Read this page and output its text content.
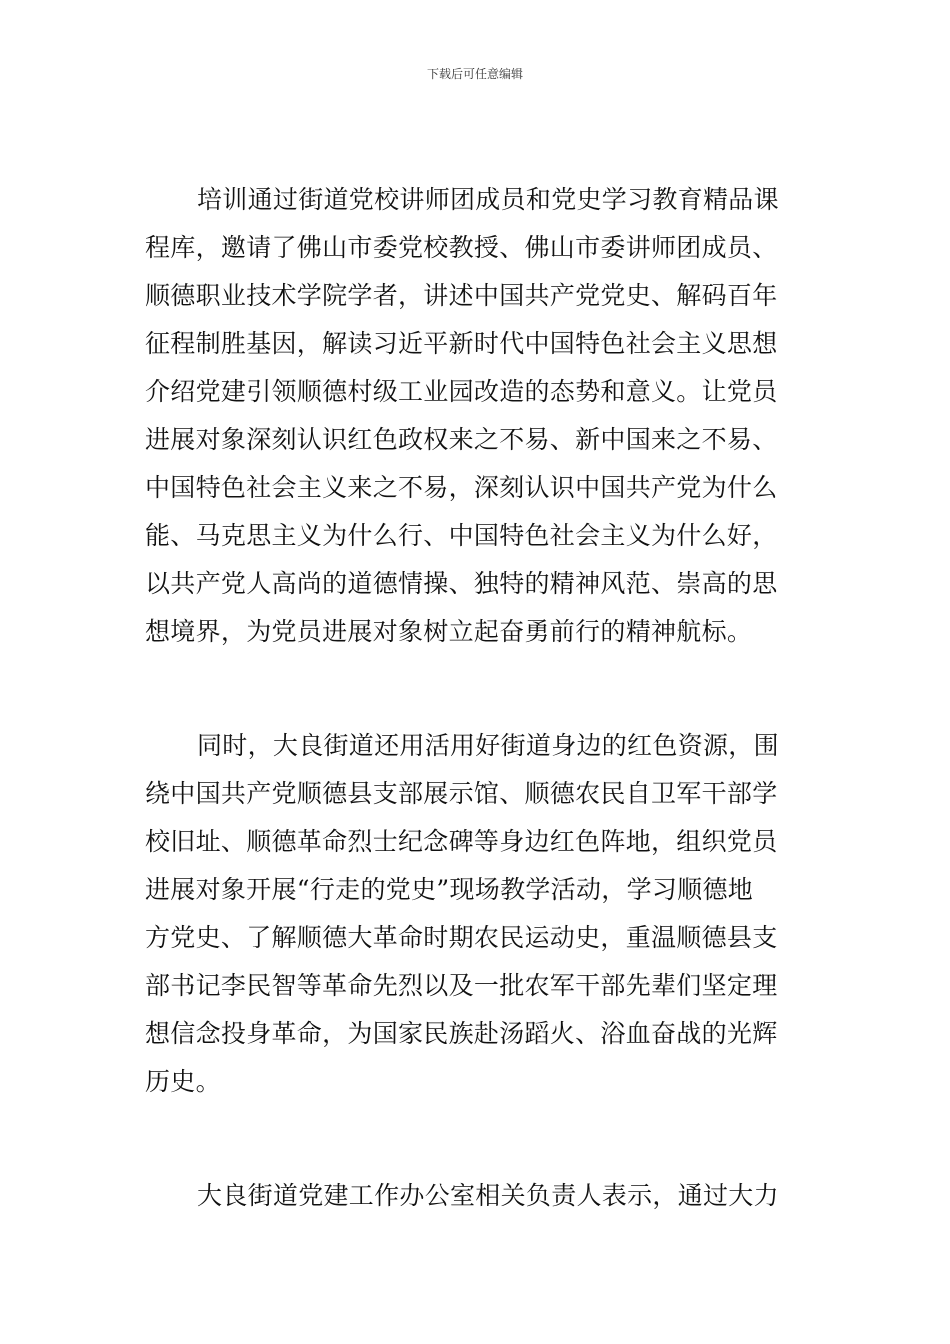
下载后可任意编辑
培训通过街道党校讲师团成员和党史学习教育精品课
程库，邀请了佛山市委党校教授、佛山市委讲师团成员、
顺德职业技术学院学者，讲述中国共产党党史、解码百年
征程制胜基因，解读习近平新时代中国特色社会主义思想
介绍党建引领顺德村级工业园改造的态势和意义。让党员
进展对象深刻认识红色政权来之不易、新中国来之不易、
中国特色社会主义来之不易，深刻认识中国共产党为什么
能、马克思主义为什么行、中国特色社会主义为什么好，
以共产党人高尚的道德情操、独特的精神风范、崇高的思
想境界，为党员进展对象树立起奋勇前行的精神航标。
同时，大良街道还用活用好街道身边的红色资源，围
绕中国共产党顺德县支部展示馆、顺德农民自卫军干部学
校旧址、顺德革命烈士纪念碑等身边红色阵地，组织党员
进展对象开展“行走的党史”现场教学活动，学习顺德地
方党史、了解顺德大革命时期农民运动史，重温顺德县支
部书记李民智等革命先烈以及一批农军干部先辈们坚定理
想信念投身革命，为国家民族赴汤蹈火、浴血奋战的光辉
历史。
大良街道党建工作办公室相关负责人表示，通过大力
